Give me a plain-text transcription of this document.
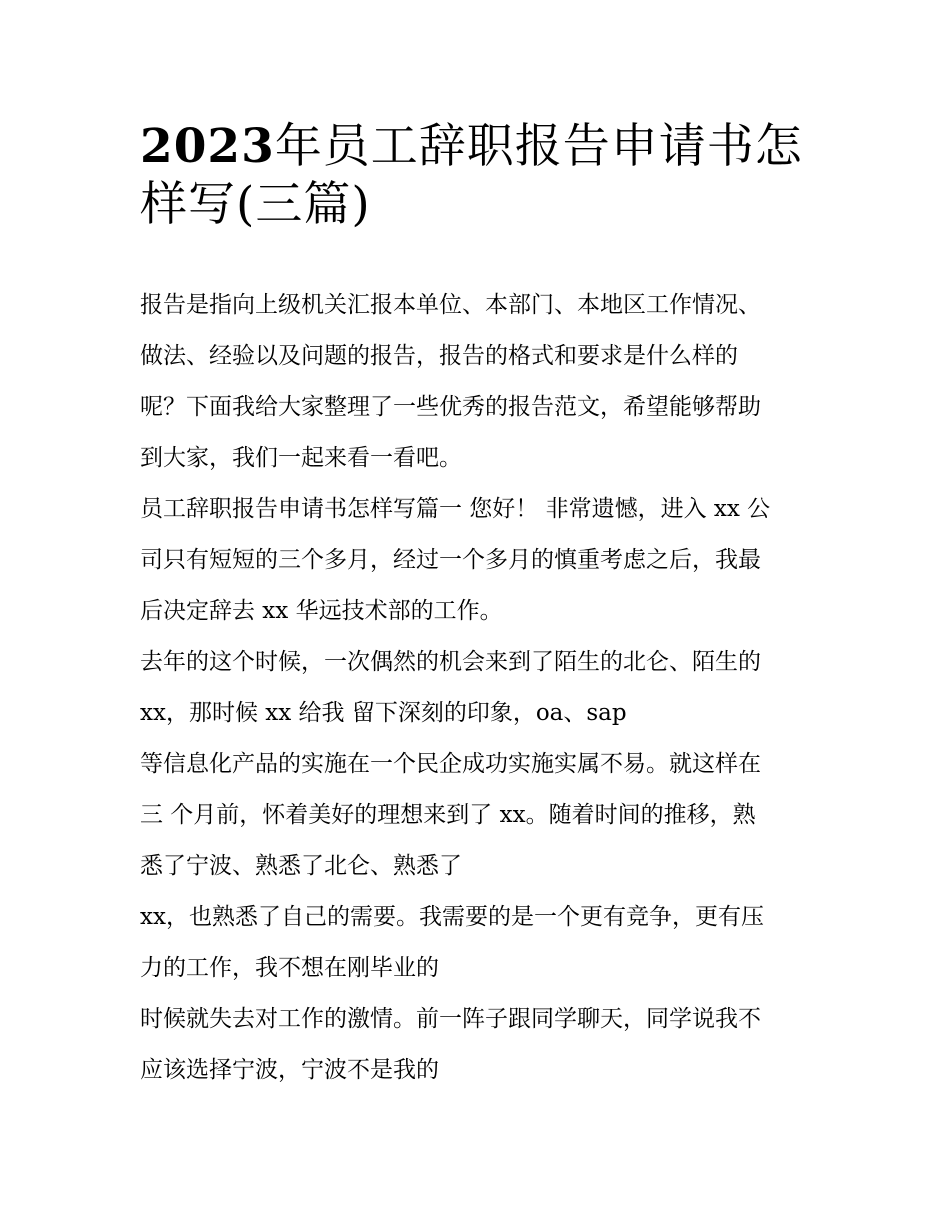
2023年员工辞职报告申请书怎
样写(三篇)
报告是指向上级机关汇报本单位、本部门、本地区工作情况、
做法、经验以及问题的报告，报告的格式和要求是什么样的
呢？下面我给大家整理了一些优秀的报告范文，希望能够帮助
到大家，我们一起来看一看吧。
员工辞职报告申请书怎样写篇一 您好！ 非常遗憾，进入 xx 公
司只有短短的三个多月，经过一个多月的慎重考虑之后，我最
后决定辞去 xx 华远技术部的工作。
去年的这个时候，一次偶然的机会来到了陌生的北仑、陌生的
xx，那时候 xx 给我 留下深刻的印象，oa、sap
等信息化产品的实施在一个民企成功实施实属不易。就这样在
三 个月前，怀着美好的理想来到了 xx。随着时间的推移，熟
悉了宁波、熟悉了北仑、熟悉了
xx，也熟悉了自己的需要。我需要的是一个更有竞争，更有压
力的工作，我不想在刚毕业的
时候就失去对工作的激情。前一阵子跟同学聊天，同学说我不
应该选择宁波，宁波不是我的
